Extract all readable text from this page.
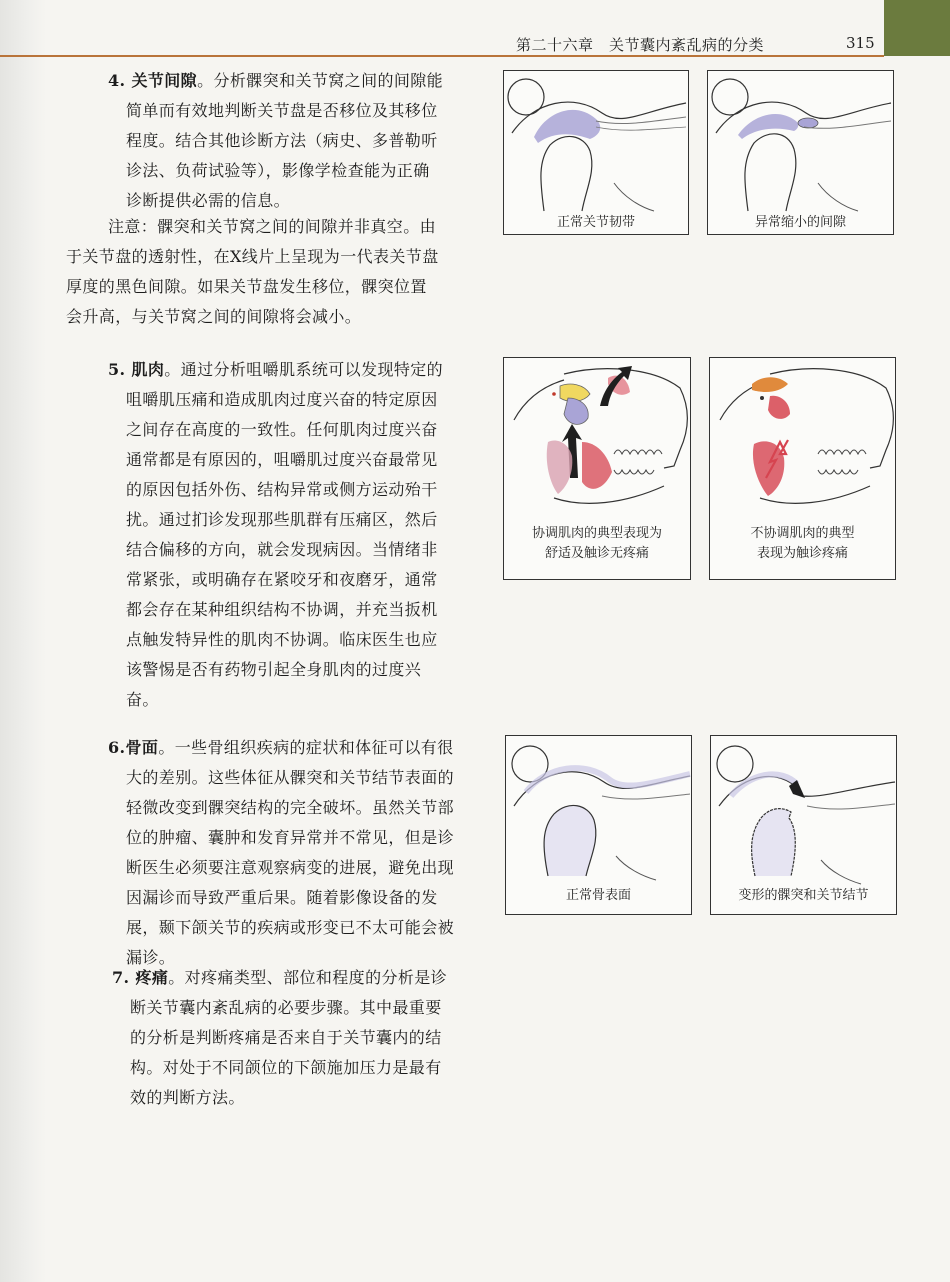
第二十六章　关节囊内紊乱病的分类	315
4. 关节间隙。分析髁突和关节窝之间的间隙能
简单而有效地判断关节盘是否移位及其移位
程度。结合其他诊断方法（病史、多普勒听
诊法、负荷试验等），影像学检查能为正确
诊断提供必需的信息。
注意：髁突和关节窝之间的间隙并非真空。由
于关节盘的透射性，在X线片上呈现为一代表关节盘
厚度的黑色间隙。如果关节盘发生移位，髁突位置
会升高，与关节窝之间的间隙将会减小。
5. 肌肉。通过分析咀嚼肌系统可以发现特定的
咀嚼肌压痛和造成肌肉过度兴奋的特定原因
之间存在高度的一致性。任何肌肉过度兴奋
通常都是有原因的，咀嚼肌过度兴奋最常见
的原因包括外伤、结构异常或侧方运动殆干
扰。通过扪诊发现那些肌群有压痛区，然后
结合偏移的方向，就会发现病因。当情绪非
常紧张，或明确存在紧咬牙和夜磨牙，通常
都会存在某种组织结构不协调，并充当扳机
点触发特异性的肌肉不协调。临床医生也应
该警惕是否有药物引起全身肌肉的过度兴
奋。
6.骨面。一些骨组织疾病的症状和体征可以有很
大的差别。这些体征从髁突和关节结节表面的
轻微改变到髁突结构的完全破坏。虽然关节部
位的肿瘤、囊肿和发育异常并不常见，但是诊
断医生必须要注意观察病变的进展，避免出现
因漏诊而导致严重后果。随着影像设备的发
展，颞下颌关节的疾病或形变已不太可能会被
漏诊。
7. 疼痛。对疼痛类型、部位和程度的分析是诊
断关节囊内紊乱病的必要步骤。其中最重要
的分析是判断疼痛是否来自于关节囊内的结
构。对处于不同颌位的下颌施加压力是最有
效的判断方法。
正常关节韧带	异常缩小的间隙
协调肌肉的典型表现为
舒适及触诊无疼痛
不协调肌肉的典型
表现为触诊疼痛
正常骨表面	变形的髁突和关节结节
